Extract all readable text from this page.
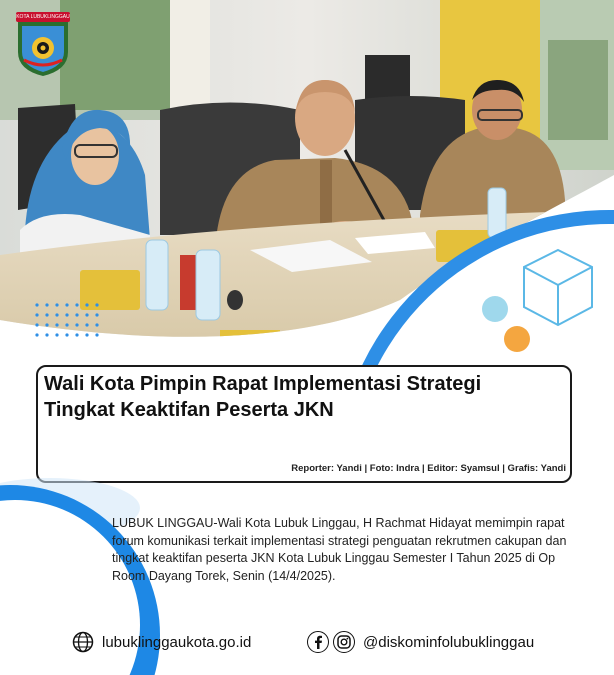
KOTA LUBUKLINGGAU
Wali Kota Pimpin Rapat Implementasi Strategi
Tingkat Keaktifan Peserta JKN
Reporter: Yandi | Foto: Indra | Editor: Syamsul | Grafis: Yandi
LUBUK LINGGAU-Wali Kota Lubuk Linggau, H Rachmat Hidayat memimpin rapat forum komunikasi terkait implementasi strategi penguatan rekrutmen cakupan dan tingkat keaktifan peserta JKN Kota Lubuk Linggau Semester I Tahun 2025 di Op Room Dayang Torek, Senin (14/4/2025).
lubuklinggaukota.go.id	@diskominfolubuklinggau
